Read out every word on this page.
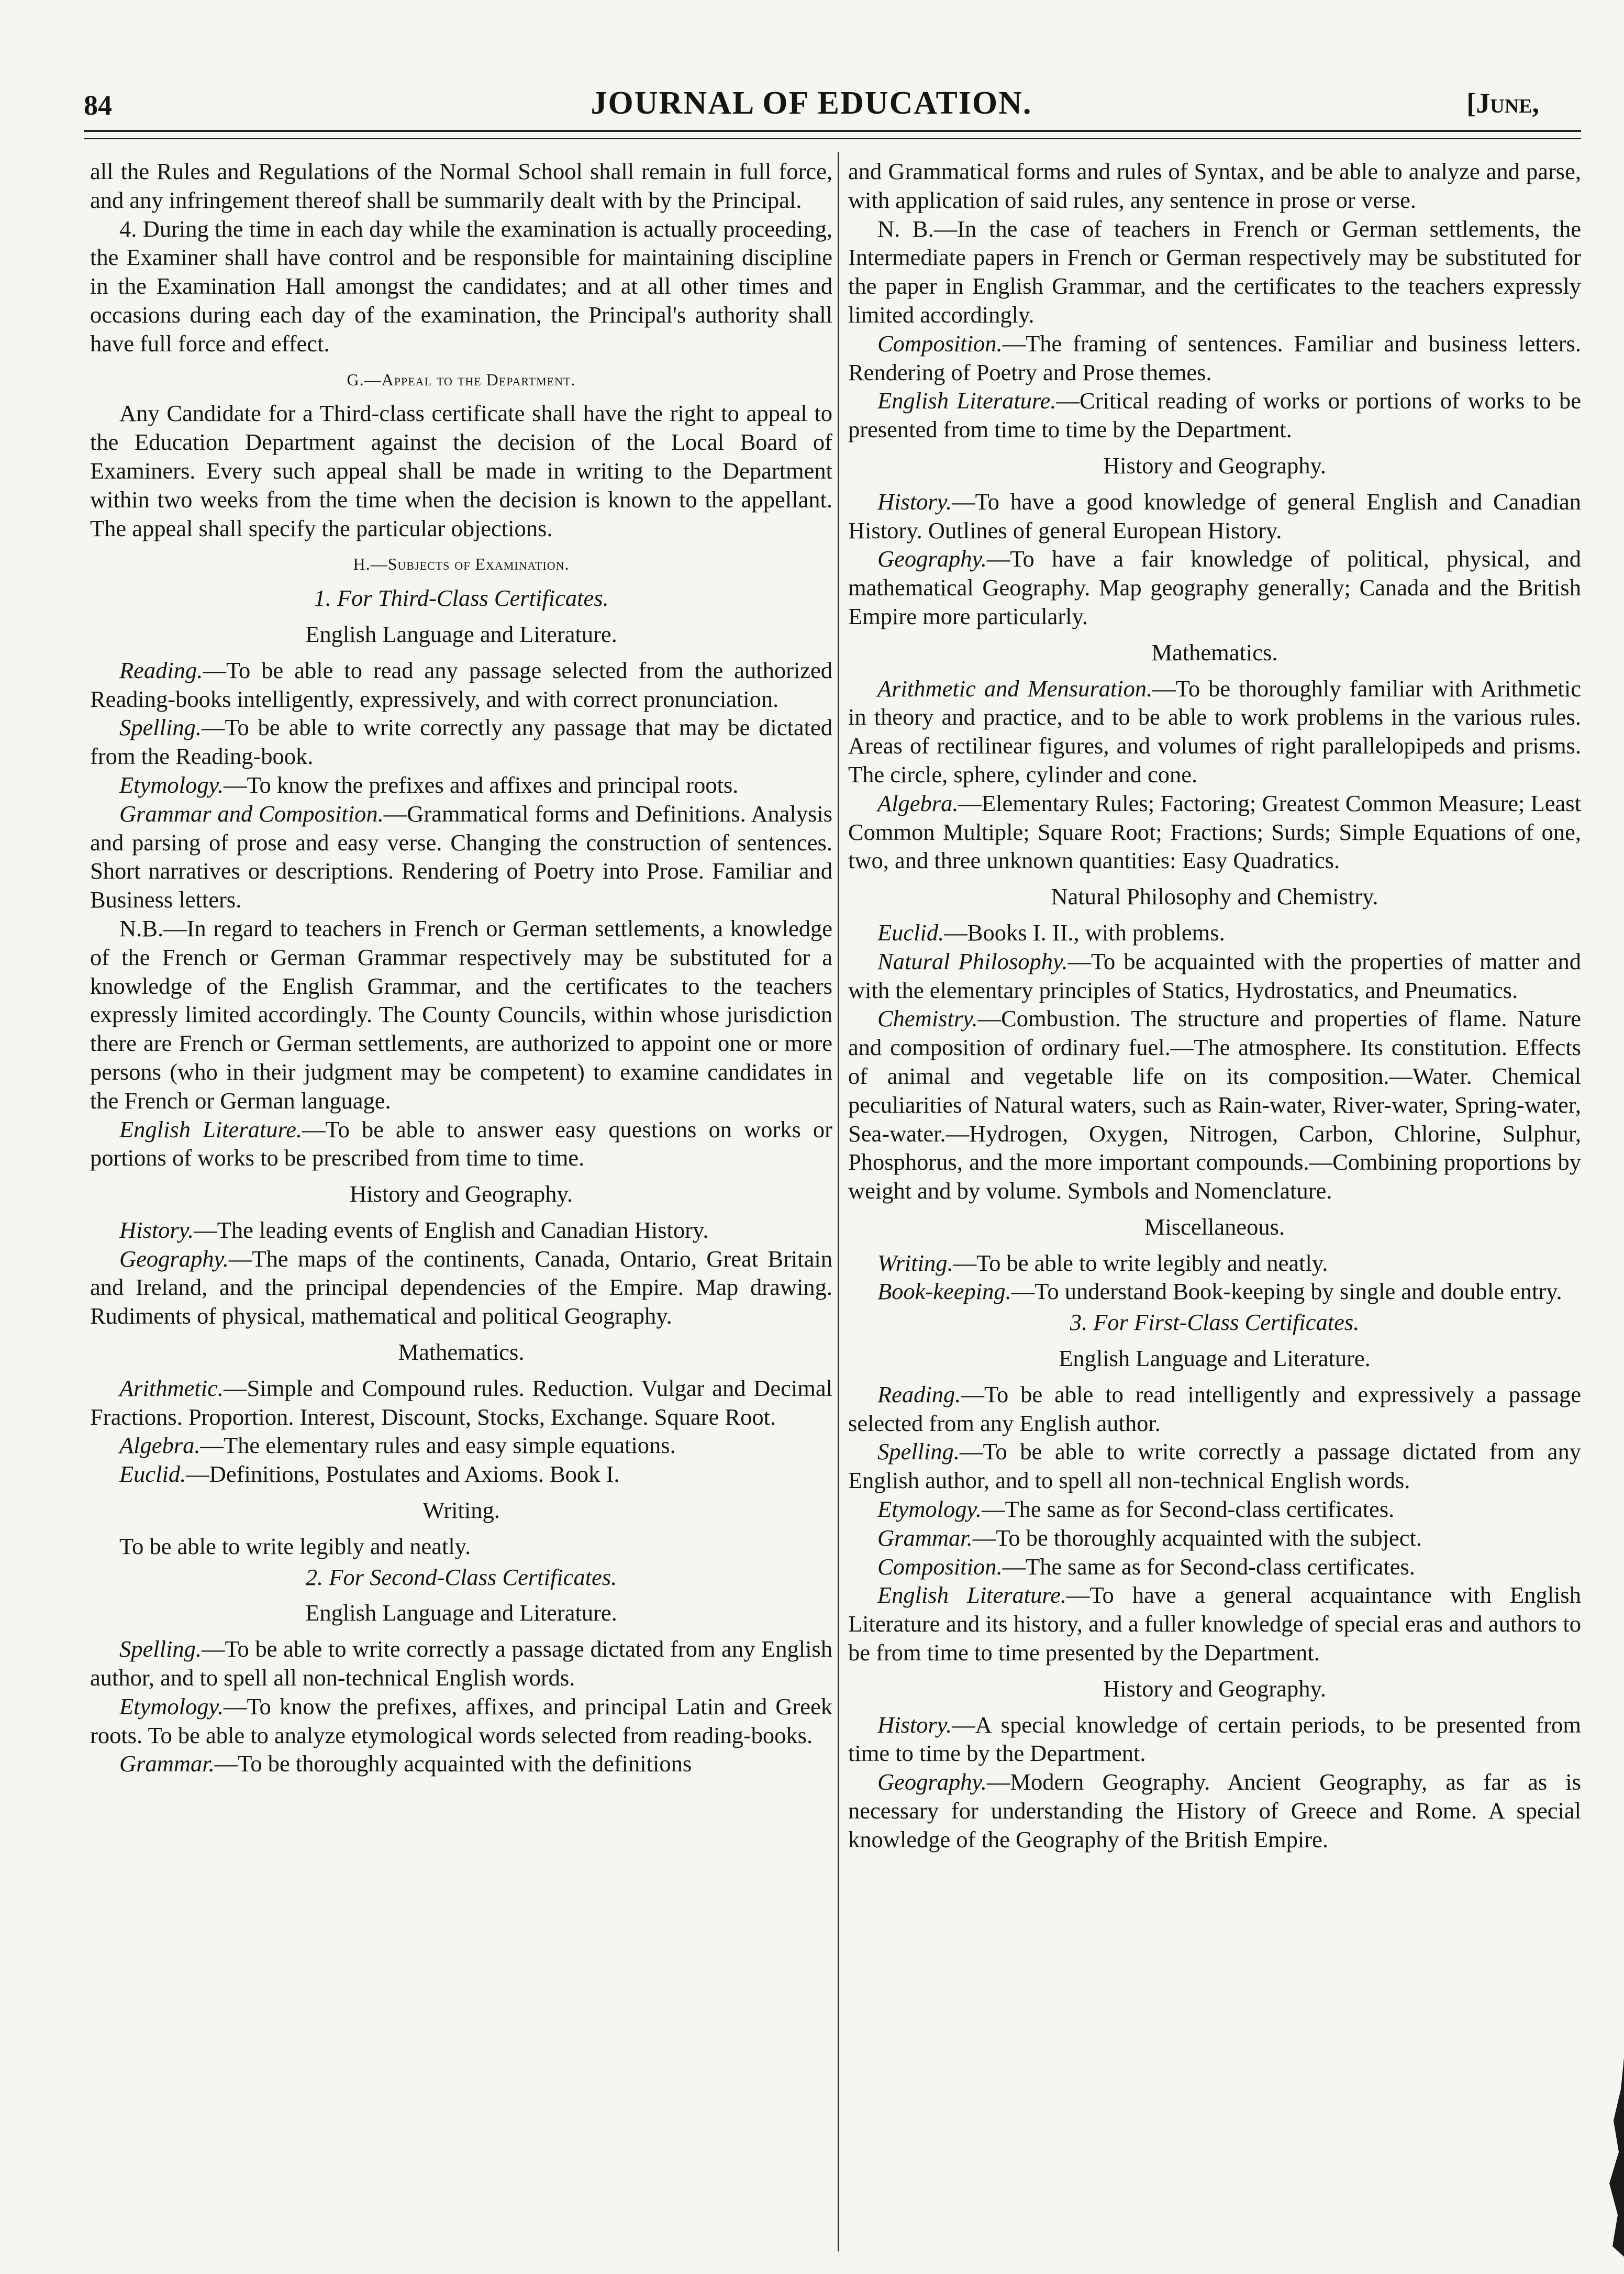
84	JOURNAL OF EDUCATION.	[June,

all the Rules and Regulations of the Normal School shall remain in full force, and any infringement thereof shall be summarily dealt with by the Principal.

4. During the time in each day while the examination is actually proceeding, the Examiner shall have control and be responsible for maintaining discipline in the Examination Hall amongst the candidates; and at all other times and occasions during each day of the examination, the Principal's authority shall have full force and effect.

G.—Appeal to the Department.

Any Candidate for a Third-class certificate shall have the right to appeal to the Education Department against the decision of the Local Board of Examiners. Every such appeal shall be made in writing to the Department within two weeks from the time when the decision is known to the appellant. The appeal shall specify the particular objections.

H.—Subjects of Examination.
1. For Third-Class Certificates.
English Language and Literature.

Reading.—To be able to read any passage selected from the authorized Reading-books intelligently, expressively, and with correct pronunciation.

Spelling.—To be able to write correctly any passage that may be dictated from the Reading-book.

Etymology.—To know the prefixes and affixes and principal roots.

Grammar and Composition.—Grammatical forms and Definitions. Analysis and parsing of prose and easy verse. Changing the construction of sentences. Short narratives or descriptions. Rendering of Poetry into Prose. Familiar and Business letters.

N.B.—In regard to teachers in French or German settlements, a knowledge of the French or German Grammar respectively may be substituted for a knowledge of the English Grammar, and the certificates to the teachers expressly limited accordingly. The County Councils, within whose jurisdiction there are French or German settlements, are authorized to appoint one or more persons (who in their judgment may be competent) to examine candidates in the French or German language.

English Literature.—To be able to answer easy questions on works or portions of works to be prescribed from time to time.

History and Geography.

History.—The leading events of English and Canadian History.

Geography.—The maps of the continents, Canada, Ontario, Great Britain and Ireland, and the principal dependencies of the Empire. Map drawing. Rudiments of physical, mathematical and political Geography.

Mathematics.

Arithmetic.—Simple and Compound rules. Reduction. Vulgar and Decimal Fractions. Proportion. Interest, Discount, Stocks, Exchange. Square Root.

Algebra.—The elementary rules and easy simple equations.

Euclid.—Definitions, Postulates and Axioms. Book I.

Writing.

To be able to write legibly and neatly.

2. For Second-Class Certificates.
English Language and Literature.

Spelling.—To be able to write correctly a passage dictated from any English author, and to spell all non-technical English words.

Etymology.—To know the prefixes, affixes, and principal Latin and Greek roots. To be able to analyze etymological words selected from reading-books.

Grammar.—To be thoroughly acquainted with the definitions

and Grammatical forms and rules of Syntax, and be able to analyze and parse, with application of said rules, any sentence in prose or verse.

N. B.—In the case of teachers in French or German settlements, the Intermediate papers in French or German respectively may be substituted for the paper in English Grammar, and the certificates to the teachers expressly limited accordingly.

Composition.—The framing of sentences. Familiar and business letters. Rendering of Poetry and Prose themes.

English Literature.—Critical reading of works or portions of works to be presented from time to time by the Department.

History and Geography.

History.—To have a good knowledge of general English and Canadian History. Outlines of general European History.

Geography.—To have a fair knowledge of political, physical, and mathematical Geography. Map geography generally; Canada and the British Empire more particularly.

Mathematics.

Arithmetic and Mensuration.—To be thoroughly familiar with Arithmetic in theory and practice, and to be able to work problems in the various rules. Areas of rectilinear figures, and volumes of right parallelopipeds and prisms. The circle, sphere, cylinder and cone.

Algebra.—Elementary Rules; Factoring; Greatest Common Measure; Least Common Multiple; Square Root; Fractions; Surds; Simple Equations of one, two, and three unknown quantities: Easy Quadratics.

Natural Philosophy and Chemistry.

Euclid.—Books I. II., with problems.

Natural Philosophy.—To be acquainted with the properties of matter and with the elementary principles of Statics, Hydrostatics, and Pneumatics.

Chemistry.—Combustion. The structure and properties of flame. Nature and composition of ordinary fuel.—The atmosphere. Its constitution. Effects of animal and vegetable life on its composition.—Water. Chemical peculiarities of Natural waters, such as Rain-water, River-water, Spring-water, Sea-water.—Hydrogen, Oxygen, Nitrogen, Carbon, Chlorine, Sulphur, Phosphorus, and the more important compounds.—Combining proportions by weight and by volume. Symbols and Nomenclature.

Miscellaneous.

Writing.—To be able to write legibly and neatly.

Book-keeping.—To understand Book-keeping by single and double entry.

3. For First-Class Certificates.
English Language and Literature.

Reading.—To be able to read intelligently and expressively a passage selected from any English author.

Spelling.—To be able to write correctly a passage dictated from any English author, and to spell all non-technical English words.

Etymology.—The same as for Second-class certificates.

Grammar.—To be thoroughly acquainted with the subject.

Composition.—The same as for Second-class certificates.

English Literature.—To have a general acquaintance with English Literature and its history, and a fuller knowledge of special eras and authors to be from time to time presented by the Department.

History and Geography.

History.—A special knowledge of certain periods, to be presented from time to time by the Department.

Geography.—Modern Geography. Ancient Geography, as far as is necessary for understanding the History of Greece and Rome. A special knowledge of the Geography of the British Empire.
